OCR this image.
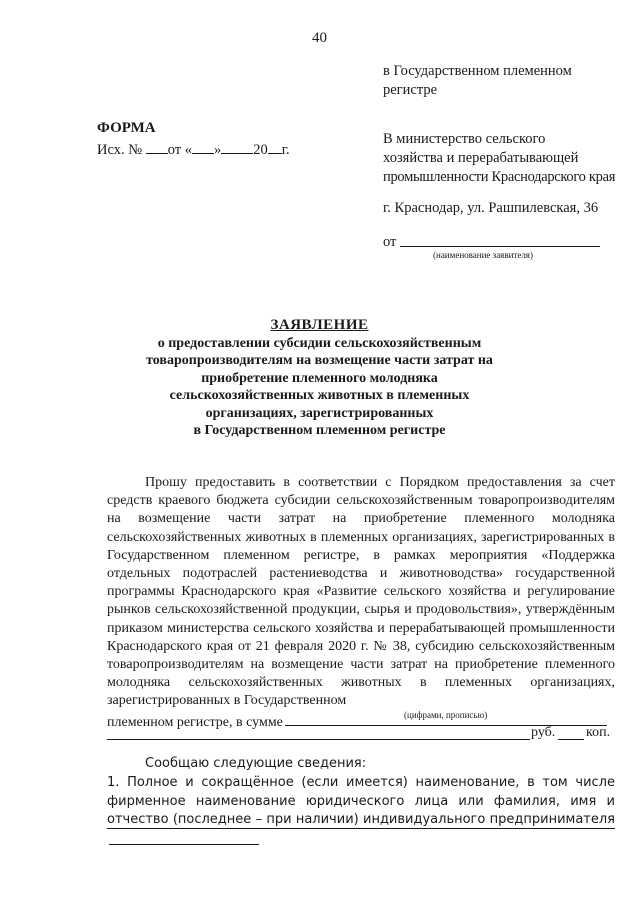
40
в Государственном племенном
регистре
ФОРМА
Исх. № от « » 20 г.
В министерство сельского
хозяйства и перерабатывающей
промышленности Краснодарского края
г. Краснодар, ул. Рашпилевская, 36
от
(наименование заявителя)
ЗАЯВЛЕНИЕ
о предоставлении субсидии сельскохозяйственным
товаропроизводителям на возмещение части затрат на
приобретение племенного молодняка
сельскохозяйственных животных в племенных
организациях, зарегистрированных
в Государственном племенном регистре

Прошу предоставить в соответствии с Порядком предоставления за счет средств краевого бюджета субсидии сельскохозяйственным товаропроизводителям на возмещение части затрат на приобретение племенного молодняка сельскохозяйственных животных в племенных организациях, зарегистрированных в Государственном племенном регистре, в рамках мероприятия «Поддержка отдельных подотраслей растениеводства и животноводства» государственной программы Краснодарского края «Развитие сельского хозяйства и регулирование рынков сельскохозяйственной продукции, сырья и продовольствия», утверждённым приказом министерства сельского хозяйства и перерабатывающей промышленности Краснодарского края от 21 февраля 2020 г. № 38, субсидию сельскохозяйственным товаропроизводителям на возмещение части затрат на приобретение племенного молодняка сельскохозяйственных животных в племенных организациях, зарегистрированных в Государственном

племенном регистре, в сумме	(цифрами, прописью)
руб. коп.
Сообщаю следующие сведения:
1. Полное и сокращённое (если имеется) наименование, в том числе фирменное наименование юридического лица или фамилия, имя и отчество (последнее – при наличии) индивидуального предпринимателя
